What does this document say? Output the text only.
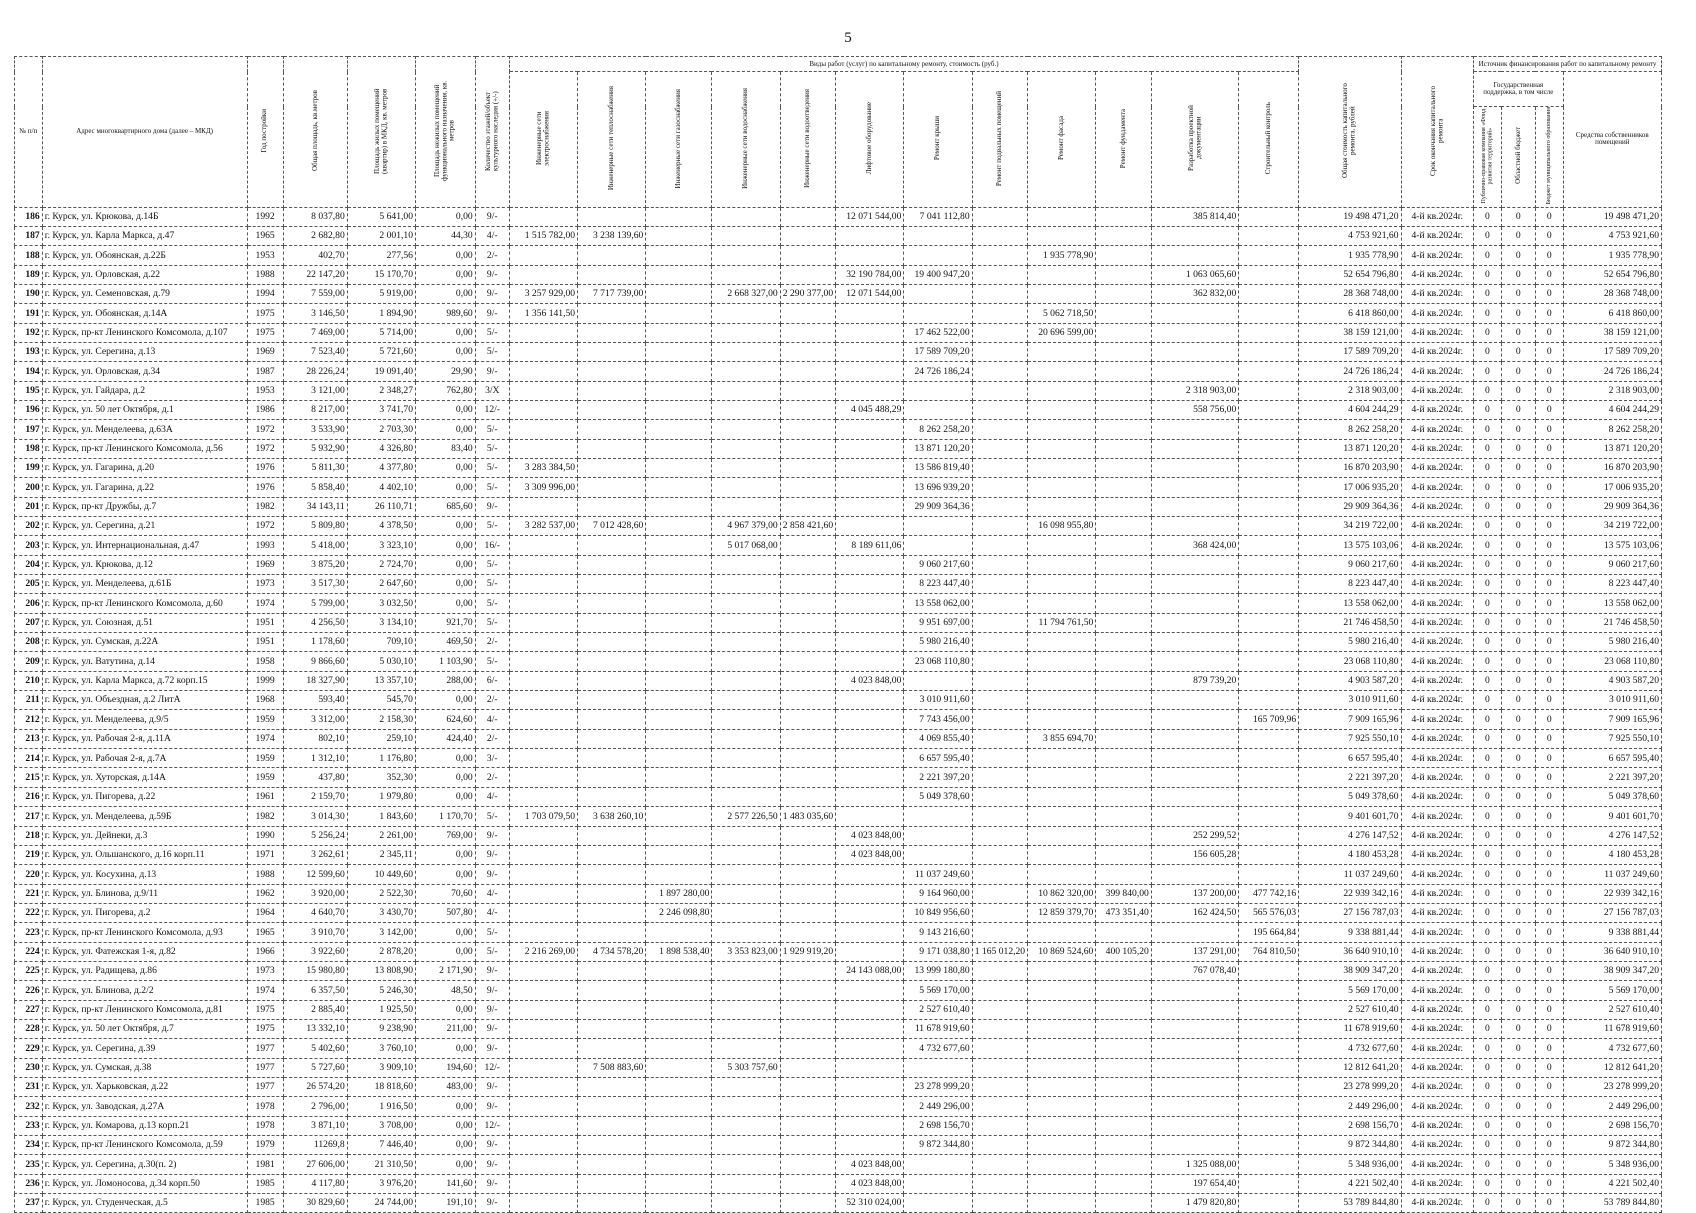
5
№ п/п	Адрес многоквартирного дома (далее – МКД)	Год постройки	Общая площадь, кв.метров	Площадь жилых помещений (квартир) в МКД, кв. метров	Площадь нежилых помещений функционального назначения, кв. метров	Количество этажей/объект культурного наследия (+/-)	Виды работ (услуг) по капитальному ремонту, стоимость (руб.)												Общая стоимость капитального ремонта, рублей	Срок окончания капитального ремонта	Источник финансирования работ по капитальному ремонту			
							Инженерные сети электроснабжения	Инженерные сети теплоснабжения	Инженерные сети газоснабжения	Инженерные сети водоснабжения	Инженерные сети водоотведения	Лифтовое оборудование	Ремонт крыши	Ремонт подвальных помещений	Ремонт фасада	Ремонт фундамента	Разработка проектной документации	Строительный контроль			Государственная поддержка, в том числе			Средства собственников помещений
																					Публично-правовая компания «Фонд развития территорий»	Областной бюджет	Бюджет муниципального образования	
186	г. Курск, ул. Крюкова, д.14Б	1992	8 037,80	5 641,00	0,00	9/-						12 071 544,00	7 041 112,80				385 814,40		19 498 471,20	4-й кв.2024г.	0	0	0	19 498 471,20
187	г. Курск, ул. Карла Маркса, д.47	1965	2 682,80	2 001,10	44,30	4/-	1 515 782,00	3 238 139,60											4 753 921,60	4-й кв.2024г.	0	0	0	4 753 921,60
188	г. Курск, ул. Обоянская, д.22Б	1953	402,70	277,56	0,00	2/-									1 935 778,90				1 935 778,90	4-й кв.2024г.	0	0	0	1 935 778,90
189	г. Курск, ул. Орловская, д.22	1988	22 147,20	15 170,70	0,00	9/-						32 190 784,00	19 400 947,20				1 063 065,60		52 654 796,80	4-й кв.2024г.	0	0	0	52 654 796,80
190	г. Курск, ул. Семеновская, д.79	1994	7 559,00	5 919,00	0,00	9/-	3 257 929,00	7 717 739,00		2 668 327,00	2 290 377,00	12 071 544,00					362 832,00		28 368 748,00	4-й кв.2024г.	0	0	0	28 368 748,00
191	г. Курск, ул. Обоянская, д.14А	1975	3 146,50	1 894,90	989,60	9/-	1 356 141,50								5 062 718,50				6 418 860,00	4-й кв.2024г.	0	0	0	6 418 860,00
192	г. Курск, пр-кт Ленинского Комсомола, д.107	1975	7 469,00	5 714,00	0,00	5/-							17 462 522,00		20 696 599,00				38 159 121,00	4-й кв.2024г.	0	0	0	38 159 121,00
193	г. Курск, ул. Серегина, д.13	1969	7 523,40	5 721,60	0,00	5/-							17 589 709,20						17 589 709,20	4-й кв.2024г.	0	0	0	17 589 709,20
194	г. Курск, ул. Орловская, д.34	1987	28 226,24	19 091,40	29,90	9/-							24 726 186,24						24 726 186,24	4-й кв.2024г.	0	0	0	24 726 186,24
195	г. Курск, ул. Гайдара, д.2	1953	3 121,00	2 348,27	762,80	3/Х											2 318 903,00		2 318 903,00	4-й кв.2024г.	0	0	0	2 318 903,00
196	г. Курск, ул. 50 лет Октября, д.1	1986	8 217,00	3 741,70	0,00	12/-						4 045 488,29					558 756,00		4 604 244,29	4-й кв.2024г.	0	0	0	4 604 244,29
197	г. Курск, ул. Менделеева, д.63А	1972	3 533,90	2 703,30	0,00	5/-							8 262 258,20						8 262 258,20	4-й кв.2024г.	0	0	0	8 262 258,20
198	г. Курск, пр-кт Ленинского Комсомола, д.56	1972	5 932,90	4 326,80	83,40	5/-							13 871 120,20						13 871 120,20	4-й кв.2024г.	0	0	0	13 871 120,20
199	г. Курск, ул. Гагарина, д.20	1976	5 811,30	4 377,80	0,00	5/-	3 283 384,50						13 586 819,40						16 870 203,90	4-й кв.2024г.	0	0	0	16 870 203,90
200	г. Курск, ул. Гагарина, д.22	1976	5 858,40	4 402,10	0,00	5/-	3 309 996,00						13 696 939,20						17 006 935,20	4-й кв.2024г.	0	0	0	17 006 935,20
201	г. Курск, пр-кт Дружбы, д.7	1982	34 143,11	26 110,71	685,60	9/-							29 909 364,36						29 909 364,36	4-й кв.2024г.	0	0	0	29 909 364,36
202	г. Курск, ул. Серегина, д.21	1972	5 809,80	4 378,50	0,00	5/-	3 282 537,00	7 012 428,60		4 967 379,00	2 858 421,60				16 098 955,80				34 219 722,00	4-й кв.2024г.	0	0	0	34 219 722,00
203	г. Курск, ул. Интернациональная, д.47	1993	5 418,00	3 323,10	0,00	16/-				5 017 068,00		8 189 611,06					368 424,00		13 575 103,06	4-й кв.2024г.	0	0	0	13 575 103,06
204	г. Курск, ул. Крюкова, д.12	1969	3 875,20	2 724,70	0,00	5/-							9 060 217,60						9 060 217,60	4-й кв.2024г.	0	0	0	9 060 217,60
205	г. Курск, ул. Менделеева, д.61Б	1973	3 517,30	2 647,60	0,00	5/-							8 223 447,40						8 223 447,40	4-й кв.2024г.	0	0	0	8 223 447,40
206	г. Курск, пр-кт Ленинского Комсомола, д.60	1974	5 799,00	3 032,50	0,00	5/-							13 558 062,00						13 558 062,00	4-й кв.2024г.	0	0	0	13 558 062,00
207	г. Курск, ул. Союзная, д.51	1951	4 256,50	3 134,10	921,70	5/-							9 951 697,00		11 794 761,50				21 746 458,50	4-й кв.2024г.	0	0	0	21 746 458,50
208	г. Курск, ул. Сумская, д.22А	1951	1 178,60	709,10	469,50	2/-							5 980 216,40						5 980 216,40	4-й кв.2024г.	0	0	0	5 980 216,40
209	г. Курск, ул. Ватутина, д.14	1958	9 866,60	5 030,10	1 103,90	5/-							23 068 110,80						23 068 110,80	4-й кв.2024г.	0	0	0	23 068 110,80
210	г. Курск, ул. Карла Маркса, д.72 корп.15	1999	18 327,90	13 357,10	288,00	6/-						4 023 848,00					879 739,20		4 903 587,20	4-й кв.2024г.	0	0	0	4 903 587,20
211	г. Курск, ул. Объездная, д.2 ЛитА	1968	593,40	545,70	0,00	2/-							3 010 911,60						3 010 911,60	4-й кв.2024г.	0	0	0	3 010 911,60
212	г. Курск, ул. Менделеева, д.9/5	1959	3 312,00	2 158,30	624,60	4/-							7 743 456,00					165 709,96	7 909 165,96	4-й кв.2024г.	0	0	0	7 909 165,96
213	г. Курск, ул. Рабочая 2-я, д.11А	1974	802,10	259,10	424,40	2/-							4 069 855,40		3 855 694,70				7 925 550,10	4-й кв.2024г.	0	0	0	7 925 550,10
214	г. Курск, ул. Рабочая 2-я, д.7А	1959	1 312,10	1 176,80	0,00	3/-							6 657 595,40						6 657 595,40	4-й кв.2024г.	0	0	0	6 657 595,40
215	г. Курск, ул. Хуторская, д.14А	1959	437,80	352,30	0,00	2/-							2 221 397,20						2 221 397,20	4-й кв.2024г.	0	0	0	2 221 397,20
216	г. Курск, ул. Пигорева, д.22	1961	2 159,70	1 979,80	0,00	4/-							5 049 378,60						5 049 378,60	4-й кв.2024г.	0	0	0	5 049 378,60
217	г. Курск, ул. Менделеева, д.59Б	1982	3 014,30	1 843,60	1 170,70	5/-	1 703 079,50	3 638 260,10		2 577 226,50	1 483 035,60								9 401 601,70	4-й кв.2024г.	0	0	0	9 401 601,70
218	г. Курск, ул. Дейнеки, д.3	1990	5 256,24	2 261,00	769,00	9/-						4 023 848,00					252 299,52		4 276 147,52	4-й кв.2024г.	0	0	0	4 276 147,52
219	г. Курск, ул. Ольшанского, д.16 корп.11	1971	3 262,61	2 345,11	0,00	9/-						4 023 848,00					156 605,28		4 180 453,28	4-й кв.2024г.	0	0	0	4 180 453,28
220	г. Курск, ул. Косухина, д.13	1988	12 599,60	10 449,60	0,00	9/-							11 037 249,60						11 037 249,60	4-й кв.2024г.	0	0	0	11 037 249,60
221	г. Курск, ул. Блинова, д.9/11	1962	3 920,00	2 522,30	70,60	4/-			1 897 280,00				9 164 960,00		10 862 320,00	399 840,00	137 200,00	477 742,16	22 939 342,16	4-й кв.2024г.	0	0	0	22 939 342,16
222	г. Курск, ул. Пигорева, д.2	1964	4 640,70	3 430,70	507,80	4/-			2 246 098,80				10 849 956,60		12 859 379,70	473 351,40	162 424,50	565 576,03	27 156 787,03	4-й кв.2024г.	0	0	0	27 156 787,03
223	г. Курск, пр-кт Ленинского Комсомола, д.93	1965	3 910,70	3 142,00	0,00	5/-							9 143 216,60					195 664,84	9 338 881,44	4-й кв.2024г.	0	0	0	9 338 881,44
224	г. Курск, ул. Фатежская 1-я, д.82	1966	3 922,60	2 878,20	0,00	5/-	2 216 269,00	4 734 578,20	1 898 538,40	3 353 823,00	1 929 919,20		9 171 038,80	1 165 012,20	10 869 524,60	400 105,20	137 291,00	764 810,50	36 640 910,10	4-й кв.2024г.	0	0	0	36 640 910,10
225	г. Курск, ул. Радищева, д.86	1973	15 980,80	13 808,90	2 171,90	9/-						24 143 088,00	13 999 180,80				767 078,40		38 909 347,20	4-й кв.2024г.	0	0	0	38 909 347,20
226	г. Курск, ул. Блинова, д.2/2	1974	6 357,50	5 246,30	48,50	9/-							5 569 170,00						5 569 170,00	4-й кв.2024г.	0	0	0	5 569 170,00
227	г. Курск, пр-кт Ленинского Комсомола, д.81	1975	2 885,40	1 925,50	0,00	9/-							2 527 610,40						2 527 610,40	4-й кв.2024г.	0	0	0	2 527 610,40
228	г. Курск, ул. 50 лет Октября, д.7	1975	13 332,10	9 238,90	211,00	9/-							11 678 919,60						11 678 919,60	4-й кв.2024г.	0	0	0	11 678 919,60
229	г. Курск, ул. Серегина, д.39	1977	5 402,60	3 760,10	0,00	9/-							4 732 677,60						4 732 677,60	4-й кв.2024г.	0	0	0	4 732 677,60
230	г. Курск, ул. Сумская, д.38	1977	5 727,60	3 909,10	194,60	12/-		7 508 883,60		5 303 757,60									12 812 641,20	4-й кв.2024г.	0	0	0	12 812 641,20
231	г. Курск, ул. Харьковская, д.22	1977	26 574,20	18 818,60	483,00	9/-							23 278 999,20						23 278 999,20	4-й кв.2024г.	0	0	0	23 278 999,20
232	г. Курск, ул. Заводская, д.27А	1978	2 796,00	1 916,50	0,00	9/-							2 449 296,00						2 449 296,00	4-й кв.2024г.	0	0	0	2 449 296,00
233	г. Курск, ул. Комарова, д.13 корп.21	1978	3 871,10	3 708,00	0,00	12/-							2 698 156,70						2 698 156,70	4-й кв.2024г.	0	0	0	2 698 156,70
234	г. Курск, пр-кт Ленинского Комсомола, д.59	1979	11269,8	7 446,40	0,00	9/-							9 872 344,80						9 872 344,80	4-й кв.2024г.	0	0	0	9 872 344,80
235	г. Курск, ул. Серегина, д.30(п. 2)	1981	27 606,00	21 310,50	0,00	9/-						4 023 848,00					1 325 088,00		5 348 936,00	4-й кв.2024г.	0	0	0	5 348 936,00
236	г. Курск, ул. Ломоносова, д.34 корп.50	1985	4 117,80	3 976,20	141,60	9/-						4 023 848,00					197 654,40		4 221 502,40	4-й кв.2024г.	0	0	0	4 221 502,40
237	г. Курск, ул. Студенческая, д.5	1985	30 829,60	24 744,00	191,10	9/-						52 310 024,00					1 479 820,80		53 789 844,80	4-й кв.2024г.	0	0	0	53 789 844,80
